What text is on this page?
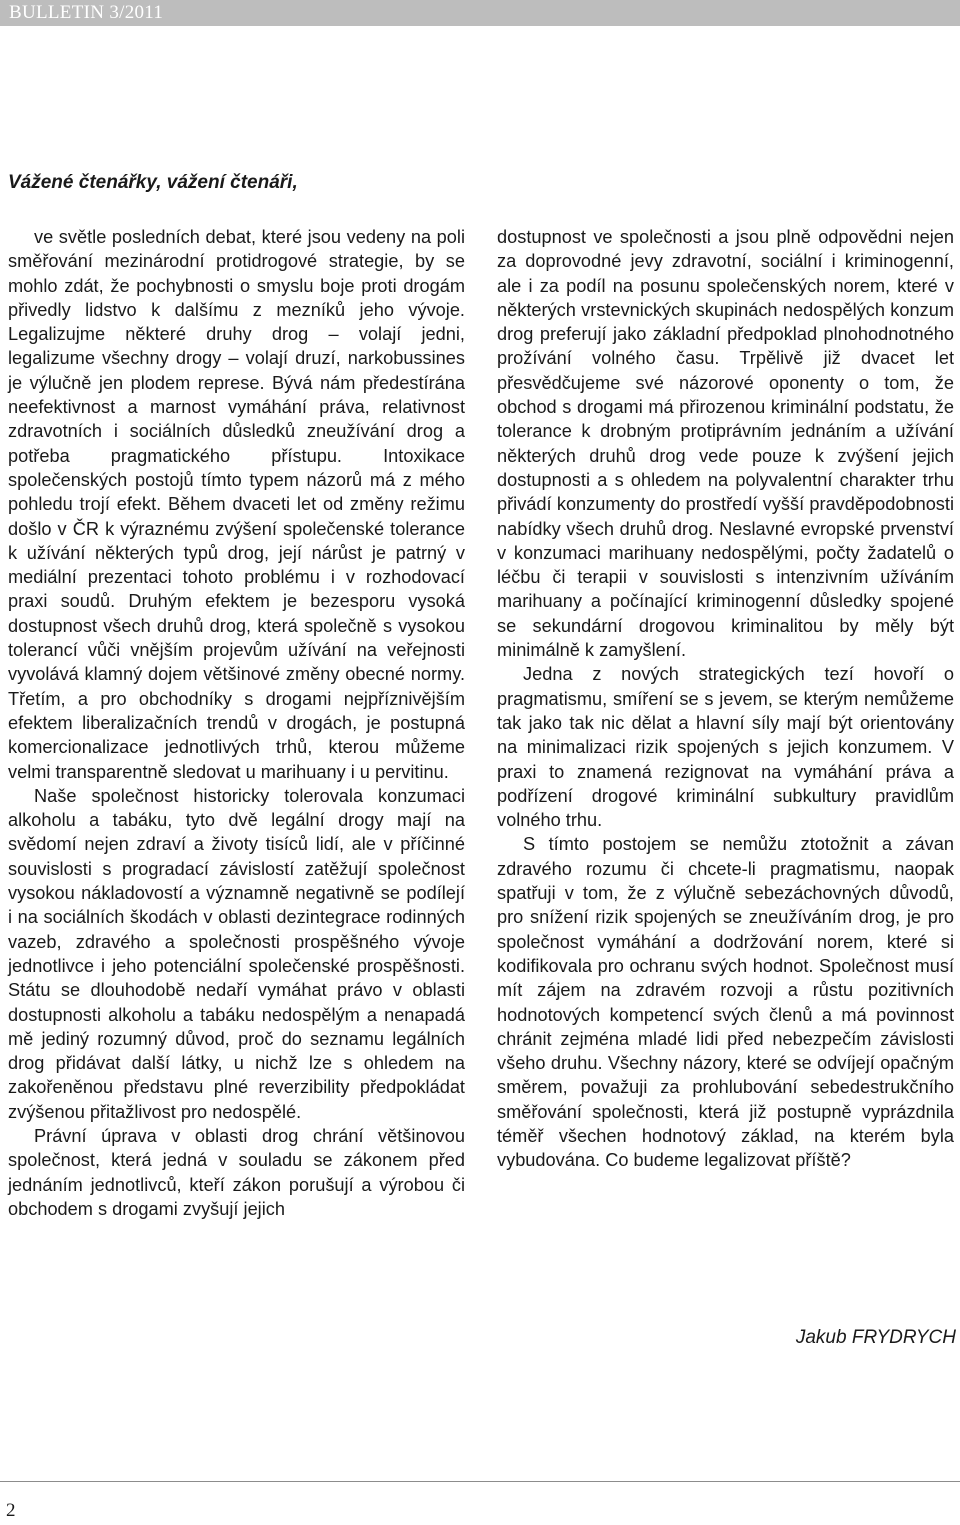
BULLETIN 3/2011
Vážené čtenářky, vážení čtenáři,

ve světle posledních debat, které jsou vedeny na poli směřování mezinárodní protidrogové strategie, by se mohlo zdát, že pochybnosti o smyslu boje proti drogám přivedly lidstvo k dalšímu z mezníků jeho vývoje. Legalizujme některé druhy drog – volají jedni, legalizume všechny drogy – volají druzí, narkobussines je výlučně jen plodem represe. Bývá nám předestírána neefektivnost a marnost vymáhání práva, relativnost zdravotních i sociálních důsledků zneužívání drog a potřeba pragmatického přístupu. Intoxikace společenských postojů tímto typem názorů má z mého pohledu trojí efekt. Během dvaceti let od změny režimu došlo v ČR k výraznému zvýšení společenské tolerance k užívání některých typů drog, její nárůst je patrný v mediální prezentaci tohoto problému i v rozhodovací praxi soudů. Druhým efektem je bezesporu vysoká dostupnost všech druhů drog, která společně s vysokou tolerancí vůči vnějším projevům užívání na veřejnosti vyvolává klamný dojem většinové změny obecné normy. Třetím, a pro obchodníky s drogami nejpříznivějším efektem liberalizačních trendů v drogách, je postupná komercionalizace jednotlivých trhů, kterou můžeme velmi transparentně sledovat u marihuany i u pervitinu.

Naše společnost historicky tolerovala konzumaci alkoholu a tabáku, tyto dvě legální drogy mají na svědomí nejen zdraví a životy tisíců lidí, ale v příčinné souvislosti s progradací závislostí zatěžují společnost vysokou nákladovostí a významně negativně se podílejí i na sociálních škodách v oblasti dezintegrace rodinných vazeb, zdravého a společnosti prospěšného vývoje jednotlivce i jeho potenciální společenské prospěšnosti. Státu se dlouhodobě nedaří vymáhat právo v oblasti dostupnosti alkoholu a tabáku nedospělým a nenapadá mě jediný rozumný důvod, proč do seznamu legálních drog přidávat další látky, u nichž lze s ohledem na zakořeněnou představu plné reverzibility předpokládat zvýšenou přitažlivost pro nedospělé.

Právní úprava v oblasti drog chrání většinovou společnost, která jedná v souladu se zákonem před jednáním jednotlivců, kteří zákon porušují a výrobou či obchodem s drogami zvyšují jejich

dostupnost ve společnosti a jsou plně odpovědni nejen za doprovodné jevy zdravotní, sociální i kriminogenní, ale i za podíl na posunu společenských norem, které v některých vrstevnických skupinách nedospělých konzum drog preferují jako základní předpoklad plnohodnotného prožívání volného času. Trpělivě již dvacet let přesvědčujeme své názorové oponenty o tom, že obchod s drogami má přirozenou kriminální podstatu, že tolerance k drobným protiprávním jednáním a užívání některých druhů drog vede pouze k zvýšení jejich dostupnosti a s ohledem na polyvalentní charakter trhu přivádí konzumenty do prostředí vyšší pravděpodobnosti nabídky všech druhů drog. Neslavné evropské prvenství v konzumaci marihuany nedospělými, počty žadatelů o léčbu či terapii v souvislosti s intenzivním užíváním marihuany a počínající kriminogenní důsledky spojené se sekundární drogovou kriminalitou by měly být minimálně k zamyšlení.

Jedna z nových strategických tezí hovoří o pragmatismu, smíření se s jevem, se kterým nemůžeme tak jako tak nic dělat a hlavní síly mají být orientovány na minimalizaci rizik spojených s jejich konzumem. V praxi to znamená rezignovat na vymáhání práva a podřízení drogové kriminální subkultury pravidlům volného trhu.

S tímto postojem se nemůžu ztotožnit a závan zdravého rozumu či chcete-li pragmatismu, naopak spatřuji v tom, že z výlučně sebezáchovných důvodů, pro snížení rizik spojených se zneužíváním drog, je pro společnost vymáhání a dodržování norem, které si kodifikovala pro ochranu svých hodnot. Společnost musí mít zájem na zdravém rozvoji a růstu pozitivních hodnotových kompetencí svých členů a má povinnost chránit zejména mladé lidi před nebezpečím závislosti všeho druhu. Všechny názory, které se odvíjejí opačným směrem, považuji za prohlubování sebedestrukčního směřování společnosti, která již postupně vyprázdnila téměř všechen hodnotový základ, na kterém byla vybudována. Co budeme legalizovat příště?

Jakub FRYDRYCH
2
